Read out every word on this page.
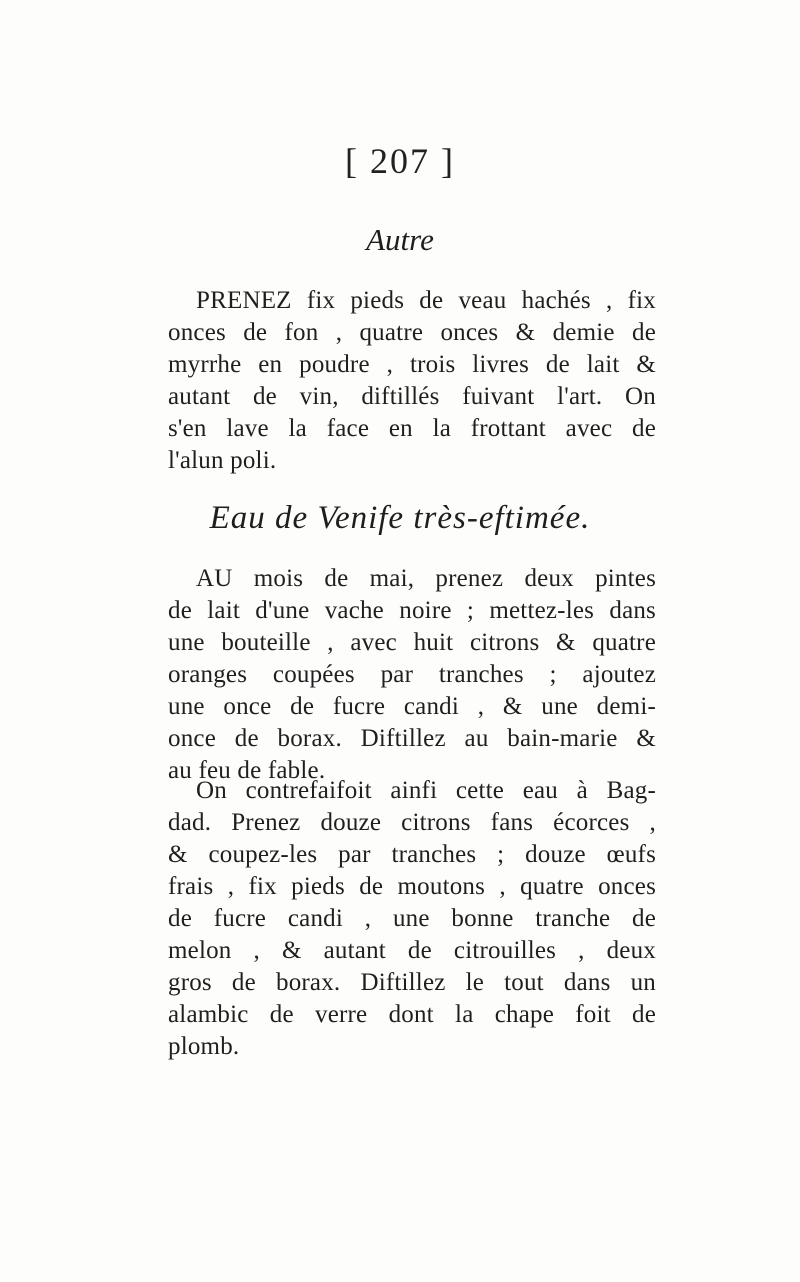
[ 207 ]
Autre
PRENEZ fix pieds de veau hachés , fix
onces de fon , quatre onces & demie de
myrrhe en poudre , trois livres de lait &
autant de vin, diftillés fuivant l'art. On
s'en lave la face en la frottant avec de
l'alun poli.
Eau de Venife très-eftimée.
AU mois de mai, prenez deux pintes
de lait d'une vache noire ; mettez-les dans
une bouteille , avec huit citrons & quatre
oranges coupées par tranches ; ajoutez
une once de fucre candi , & une demi-
once de borax. Diftillez au bain-marie &
au feu de fable.
On contrefaifoit ainfi cette eau à Bag-
dad. Prenez douze citrons fans écorces ,
& coupez-les par tranches ; douze œufs
frais , fix pieds de moutons , quatre onces
de fucre candi , une bonne tranche de
melon , & autant de citrouilles , deux
gros de borax. Diftillez le tout dans un
alambic de verre dont la chape foit de
plomb.
